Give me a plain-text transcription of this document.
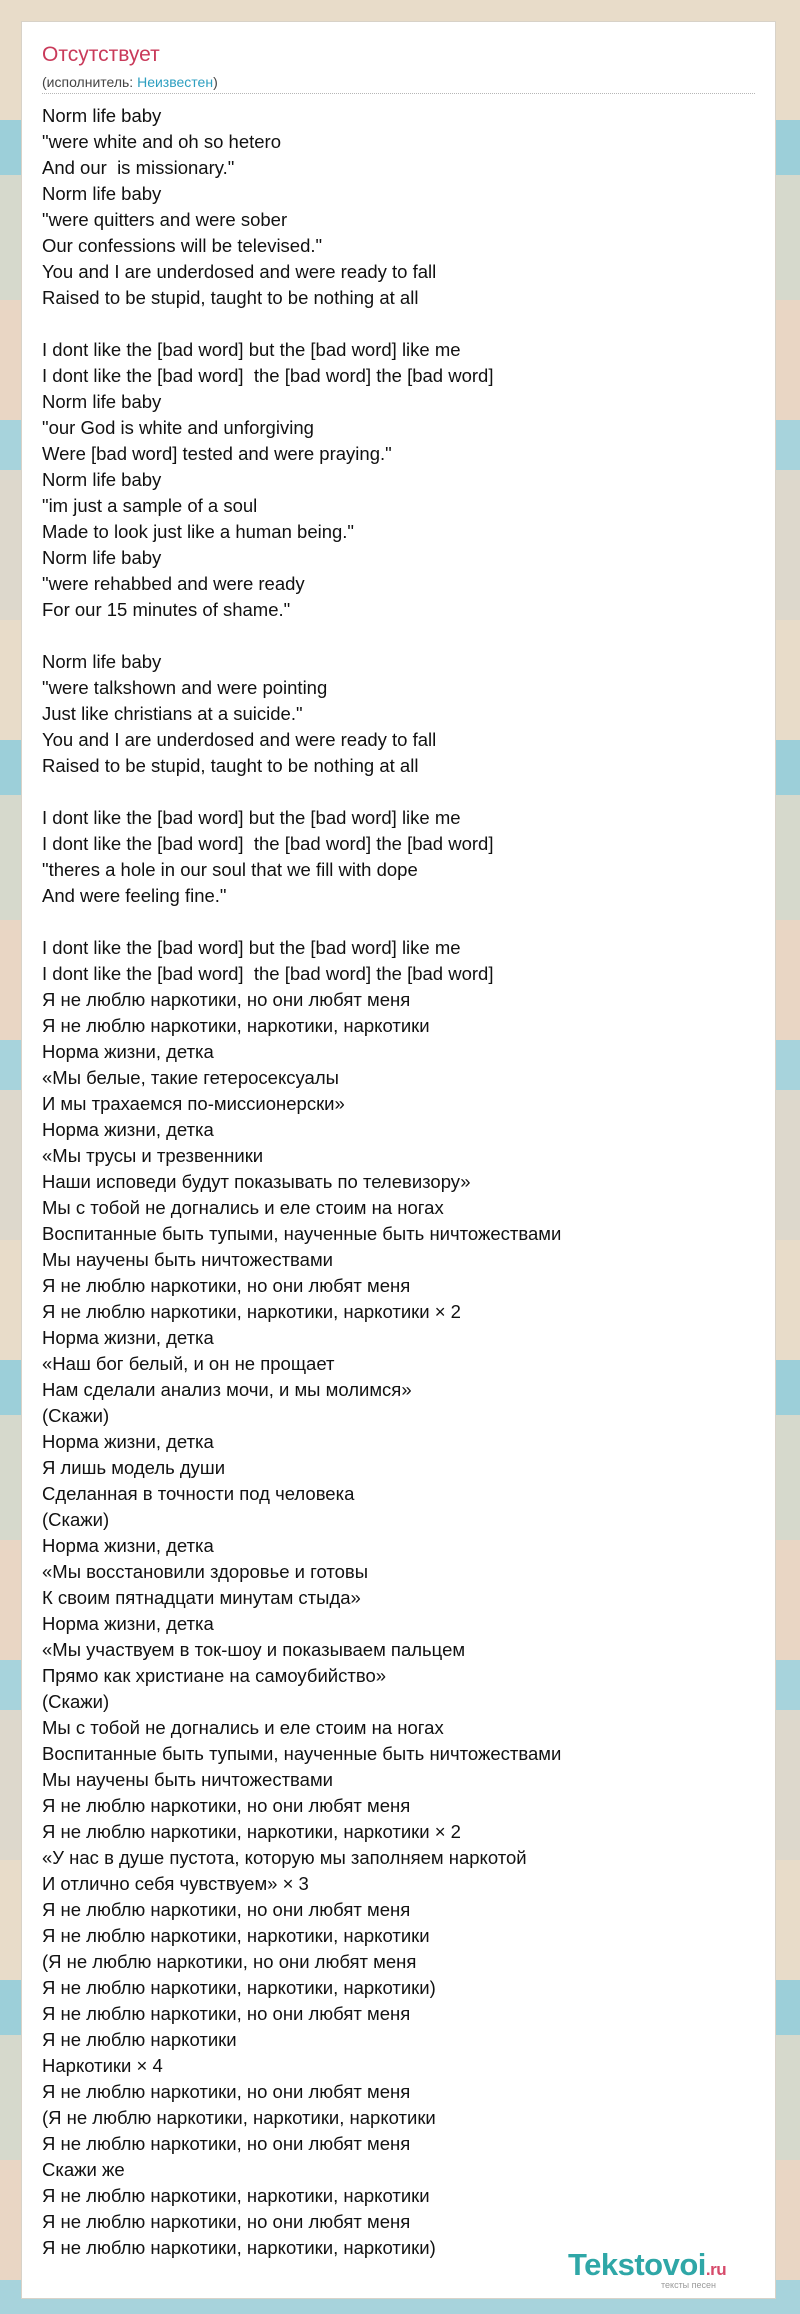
Отсутствует
(исполнитель: Неизвестен)
Norm life baby
"were white and oh so hetero
And our  is missionary."
Norm life baby
"were quitters and were sober
Our confessions will be televised."
You and I are underdosed and were ready to fall
Raised to be stupid, taught to be nothing at all

I dont like the [bad word] but the [bad word] like me
I dont like the [bad word]  the [bad word] the [bad word]
Norm life baby
"our God is white and unforgiving
Were [bad word] tested and were praying."
Norm life baby
"im just a sample of a soul
Made to look just like a human being."
Norm life baby
"were rehabbed and were ready
For our 15 minutes of shame."

Norm life baby
"were talkshown and were pointing
Just like christians at a suicide."
You and I are underdosed and were ready to fall
Raised to be stupid, taught to be nothing at all

I dont like the [bad word] but the [bad word] like me
I dont like the [bad word]  the [bad word] the [bad word]
"theres a hole in our soul that we fill with dope
And were feeling fine."

I dont like the [bad word] but the [bad word] like me
I dont like the [bad word]  the [bad word] the [bad word]
Я не люблю наркотики, но они любят меня
Я не люблю наркотики, наркотики, наркотики
Норма жизни, детка
«Мы белые, такие гетеросексуалы
И мы трахаемся по-миссионерски»
Норма жизни, детка
«Мы трусы и трезвенники
Наши исповеди будут показывать по телевизору»
Мы с тобой не догнались и еле стоим на ногах
Воспитанные быть тупыми, наученные быть ничтожествами
Мы научены быть ничтожествами
Я не люблю наркотики, но они любят меня
Я не люблю наркотики, наркотики, наркотики × 2
Норма жизни, детка
«Наш бог белый, и он не прощает
Нам сделали анализ мочи, и мы молимся»
(Скажи)
Норма жизни, детка
Я лишь модель души
Сделанная в точности под человека
(Скажи)
Норма жизни, детка
«Мы восстановили здоровье и готовы
К своим пятнадцати минутам стыда»
Норма жизни, детка
«Мы участвуем в ток-шоу и показываем пальцем
Прямо как христиане на самоубийство»
(Скажи)
Мы с тобой не догнались и еле стоим на ногах
Воспитанные быть тупыми, наученные быть ничтожествами
Мы научены быть ничтожествами
Я не люблю наркотики, но они любят меня
Я не люблю наркотики, наркотики, наркотики × 2
«У нас в душе пустота, которую мы заполняем наркотой
И отлично себя чувствуем» × 3
Я не люблю наркотики, но они любят меня
Я не люблю наркотики, наркотики, наркотики
(Я не люблю наркотики, но они любят меня
Я не люблю наркотики, наркотики, наркотики)
Я не люблю наркотики, но они любят меня
Я не люблю наркотики
Наркотики × 4
Я не люблю наркотики, но они любят меня
(Я не люблю наркотики, наркотики, наркотики
Я не люблю наркотики, но они любят меня
Скажи же
Я не люблю наркотики, наркотики, наркотики
Я не люблю наркотики, но они любят меня
Я не люблю наркотики, наркотики, наркотики)	Tekstovoi.ru
тексты песен
